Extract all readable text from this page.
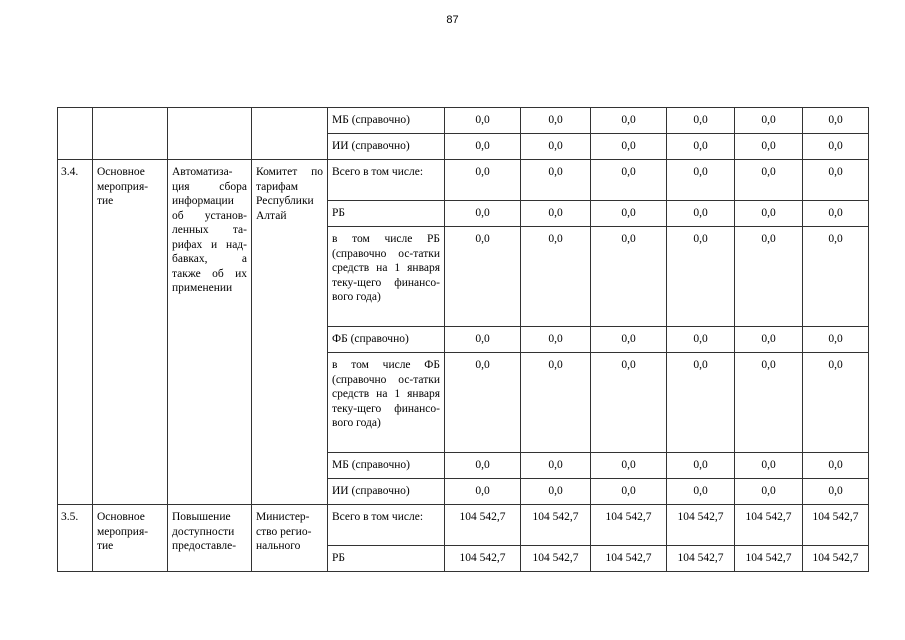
87
				МБ (справочно)	0,0	0,0	0,0	0,0	0,0	0,0
				ИИ (справочно)	0,0	0,0	0,0	0,0	0,0	0,0
3.4.	Основное мероприя-тие	Автоматиза-ция сбора информации об установ-ленных та-рифах и над-бавках, а также об их применении	Комитет по тарифам Республики Алтай	Всего в том числе:	0,0	0,0	0,0	0,0	0,0	0,0
				РБ	0,0	0,0	0,0	0,0	0,0	0,0
				в том числе РБ (справочно ос-татки средств на 1 января теку-щего финансо-вого года)	0,0	0,0	0,0	0,0	0,0	0,0
				ФБ (справочно)	0,0	0,0	0,0	0,0	0,0	0,0
				в том числе ФБ (справочно ос-татки средств на 1 января теку-щего финансо-вого года)	0,0	0,0	0,0	0,0	0,0	0,0
				МБ (справочно)	0,0	0,0	0,0	0,0	0,0	0,0
				ИИ (справочно)	0,0	0,0	0,0	0,0	0,0	0,0
3.5.	Основное мероприя-тие	Повышение доступности предоставле-	Министер-ство регио-нального	Всего в том числе:	104 542,7	104 542,7	104 542,7	104 542,7	104 542,7	104 542,7
				РБ	104 542,7	104 542,7	104 542,7	104 542,7	104 542,7	104 542,7
